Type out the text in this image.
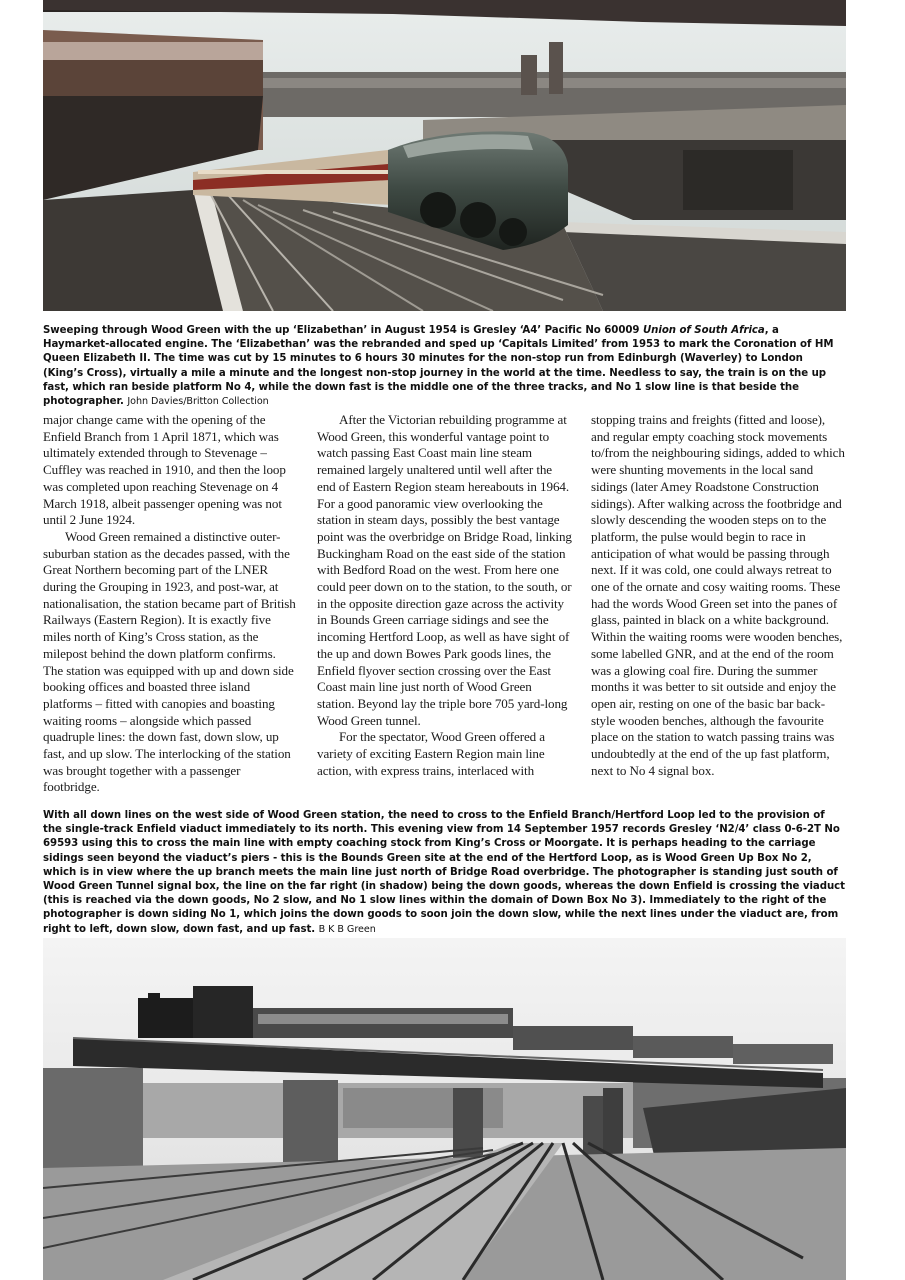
Sweeping through Wood Green with the up ‘Elizabethan’ in August 1954 is Gresley ‘A4’ Pacific No 60009 Union of South Africa, a Haymarket-allocated engine. The ‘Elizabethan’ was the rebranded and sped up ‘Capitals Limited’ from 1953 to mark the Coronation of HM Queen Elizabeth II. The time was cut by 15 minutes to 6 hours 30 minutes for the non-stop run from Edinburgh (Waverley) to London (King’s Cross), virtually a mile a minute and the longest non-stop journey in the world at the time. Needless to say, the train is on the up fast, which ran beside platform No 4, while the down fast is the middle one of the three tracks, and No 1 slow line is that beside the photographer. John Davies/Britton Collection

major change came with the opening of the Enfield Branch from 1 April 1871, which was ultimately extended through to Stevenage – Cuffley was reached in 1910, and then the loop was completed upon reaching Stevenage on 4 March 1918, albeit passenger opening was not until 2 June 1924.

Wood Green remained a distinctive outer-suburban station as the decades passed, with the Great Northern becoming part of the LNER during the Grouping in 1923, and post-war, at nationalisation, the station became part of British Railways (Eastern Region). It is exactly five miles north of King’s Cross station, as the milepost behind the down platform confirms. The station was equipped with up and down side booking offices and boasted three island platforms – fitted with canopies and boasting waiting rooms – alongside which passed quadruple lines: the down fast, down slow, up fast, and up slow. The interlocking of the station was brought together with a passenger footbridge.

After the Victorian rebuilding programme at Wood Green, this wonderful vantage point to watch passing East Coast main line steam remained largely unaltered until well after the end of Eastern Region steam hereabouts in 1964. For a good panoramic view overlooking the station in steam days, possibly the best vantage point was the overbridge on Bridge Road, linking Buckingham Road on the east side of the station with Bedford Road on the west. From here one could peer down on to the station, to the south, or in the opposite direction gaze across the activity in Bounds Green carriage sidings and see the incoming Hertford Loop, as well as have sight of the up and down Bowes Park goods lines, the Enfield flyover section crossing over the East Coast main line just north of Wood Green station. Beyond lay the triple bore 705 yard-long Wood Green tunnel.

For the spectator, Wood Green offered a variety of exciting Eastern Region main line action, with express trains, interlaced with

stopping trains and freights (fitted and loose), and regular empty coaching stock movements to/from the neighbouring sidings, added to which were shunting movements in the local sand sidings (later Amey Roadstone Construction sidings). After walking across the footbridge and slowly descending the wooden steps on to the platform, the pulse would begin to race in anticipation of what would be passing through next. If it was cold, one could always retreat to one of the ornate and cosy waiting rooms. These had the words Wood Green set into the panes of glass, painted in black on a white background. Within the waiting rooms were wooden benches, some labelled GNR, and at the end of the room was a glowing coal fire. During the summer months it was better to sit outside and enjoy the open air, resting on one of the basic bar back-style wooden benches, although the favourite place on the station to watch passing trains was undoubtedly at the end of the up fast platform, next to No 4 signal box.

With all down lines on the west side of Wood Green station, the need to cross to the Enfield Branch/Hertford Loop led to the provision of the single-track Enfield viaduct immediately to its north. This evening view from 14 September 1957 records Gresley ‘N2/4’ class 0-6-2T No 69593 using this to cross the main line with empty coaching stock from King’s Cross or Moorgate. It is perhaps heading to the carriage sidings seen beyond the viaduct’s piers - this is the Bounds Green site at the end of the Hertford Loop, as is Wood Green Up Box No 2, which is in view where the up branch meets the main line just north of Bridge Road overbridge. The photographer is standing just south of Wood Green Tunnel signal box, the line on the far right (in shadow) being the down goods, whereas the down Enfield is crossing the viaduct (this is reached via the down goods, No 2 slow, and No 1 slow lines within the domain of Down Box No 3). Immediately to the right of the photographer is down siding No 1, which joins the down goods to soon join the down slow, while the next lines under the viaduct are, from right to left, down slow, down fast, and up fast. B K B Green
